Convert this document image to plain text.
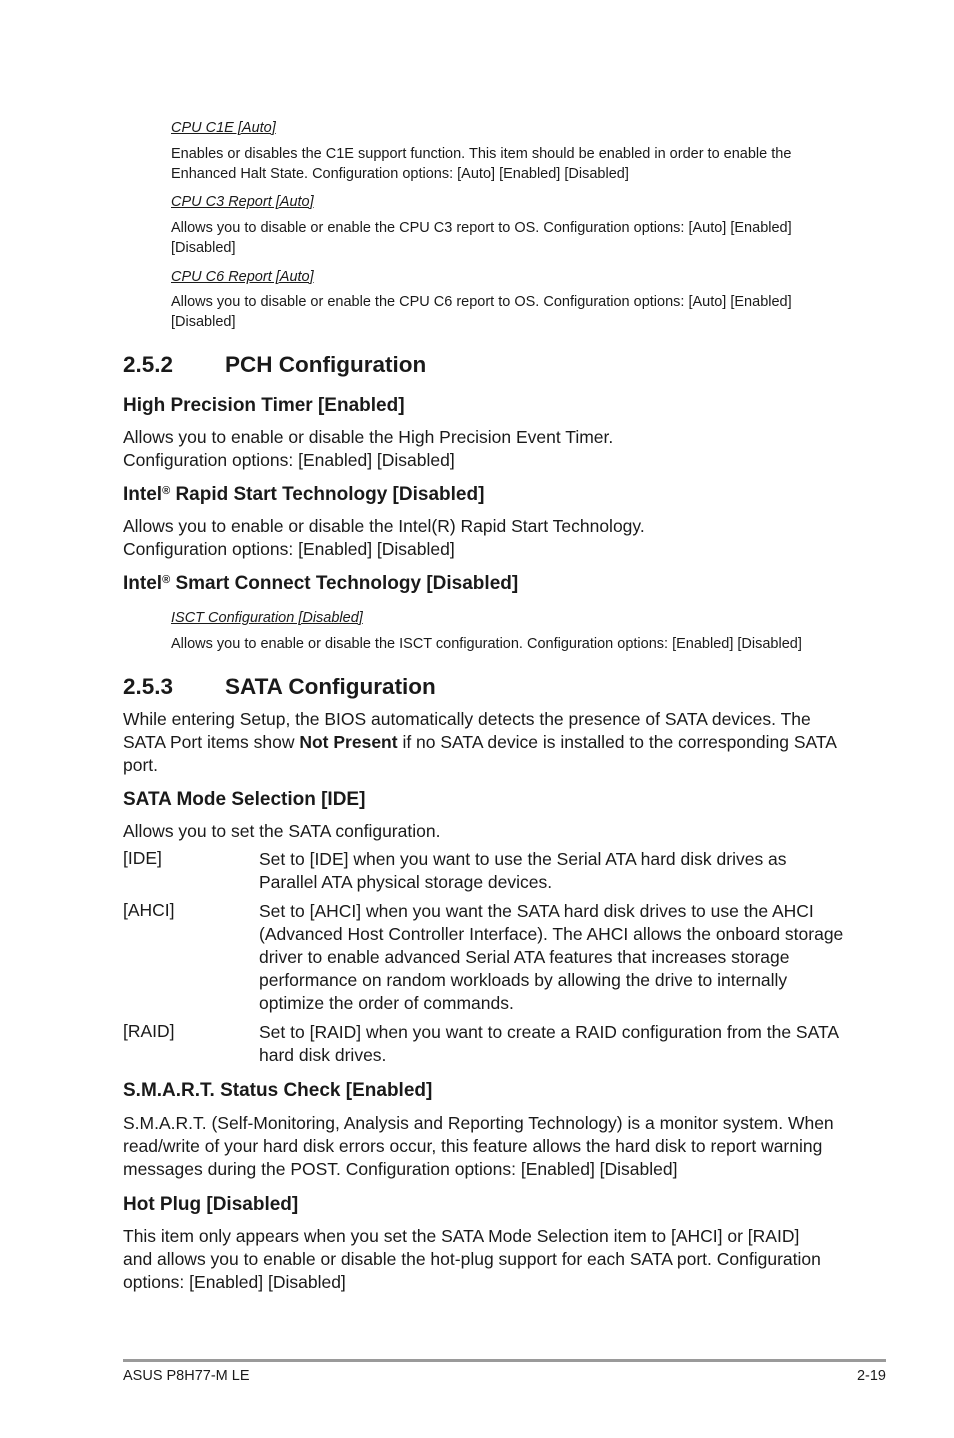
CPU C1E [Auto]
Enables or disables the C1E support function. This item should be enabled in order to enable the Enhanced Halt State. Configuration options: [Auto] [Enabled] [Disabled]
CPU C3 Report [Auto]
Allows you to disable or enable the CPU C3 report to OS. Configuration options: [Auto] [Enabled] [Disabled]
CPU C6 Report [Auto]
Allows you to disable or enable the CPU C6 report to OS. Configuration options: [Auto] [Enabled] [Disabled]
2.5.2 PCH Configuration
High Precision Timer [Enabled]
Allows you to enable or disable the High Precision Event Timer.
Configuration options: [Enabled] [Disabled]
Intel® Rapid Start Technology [Disabled]
Allows you to enable or disable the Intel(R) Rapid Start Technology.
Configuration options: [Enabled] [Disabled]
Intel® Smart Connect Technology [Disabled]
ISCT Configuration [Disabled]
Allows you to enable or disable the ISCT configuration. Configuration options: [Enabled] [Disabled]
2.5.3 SATA Configuration
While entering Setup, the BIOS automatically detects the presence of SATA devices. The SATA Port items show Not Present if no SATA device is installed to the corresponding SATA port.
SATA Mode Selection [IDE]
Allows you to set the SATA configuration.
[IDE]	Set to [IDE] when you want to use the Serial ATA hard disk drives as Parallel ATA physical storage devices.
[AHCI]	Set to [AHCI] when you want the SATA hard disk drives to use the AHCI (Advanced Host Controller Interface). The AHCI allows the onboard storage driver to enable advanced Serial ATA features that increases storage performance on random workloads by allowing the drive to internally optimize the order of commands.
[RAID]	Set to [RAID] when you want to create a RAID configuration from the SATA hard disk drives.
S.M.A.R.T. Status Check [Enabled]
S.M.A.R.T. (Self-Monitoring, Analysis and Reporting Technology) is a monitor system. When read/write of your hard disk errors occur, this feature allows the hard disk to report warning messages during the POST. Configuration options: [Enabled] [Disabled]
Hot Plug [Disabled]
This item only appears when you set the SATA Mode Selection item to [AHCI] or [RAID] and allows you to enable or disable the hot-plug support for each SATA port. Configuration options: [Enabled] [Disabled]
ASUS P8H77-M LE	2-19
